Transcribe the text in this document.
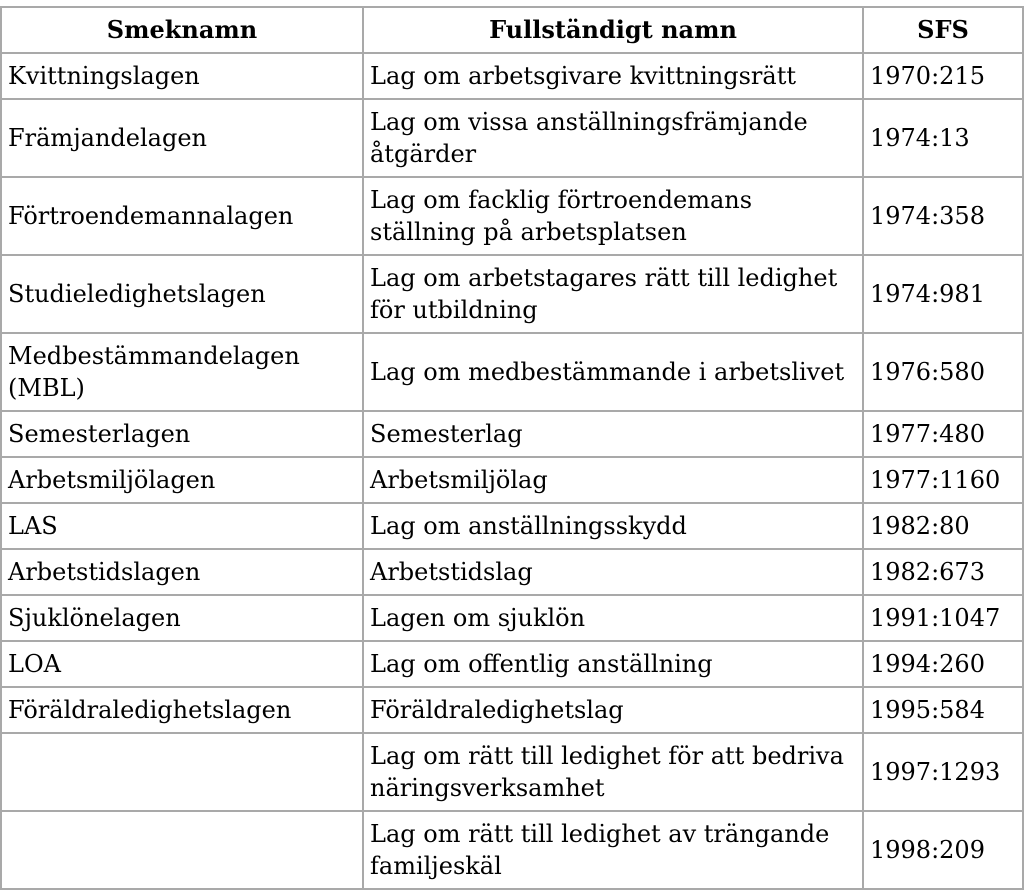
Smeknamn	Fullständigt namn	SFS
Kvittningslagen	Lag om arbetsgivare kvittningsrätt	1970:215
Främjandelagen	Lag om vissa anställningsfrämjande åtgärder	1974:13
Förtroendemannalagen	Lag om facklig förtroendemans ställning på arbetsplatsen	1974:358
Studieledighetslagen	Lag om arbetstagares rätt till ledighet för utbildning	1974:981
Medbestämmandelagen (MBL)	Lag om medbestämmande i arbetslivet	1976:580
Semesterlagen	Semesterlag	1977:480
Arbetsmiljölagen	Arbetsmiljölag	1977:1160
LAS	Lag om anställningsskydd	1982:80
Arbetstidslagen	Arbetstidslag	1982:673
Sjuklönelagen	Lagen om sjuklön	1991:1047
LOA	Lag om offentlig anställning	1994:260
Föräldraledighetslagen	Föräldraledighetslag	1995:584
	Lag om rätt till ledighet för att bedriva näringsverksamhet	1997:1293
	Lag om rätt till ledighet av trängande familjeskäl	1998:209
